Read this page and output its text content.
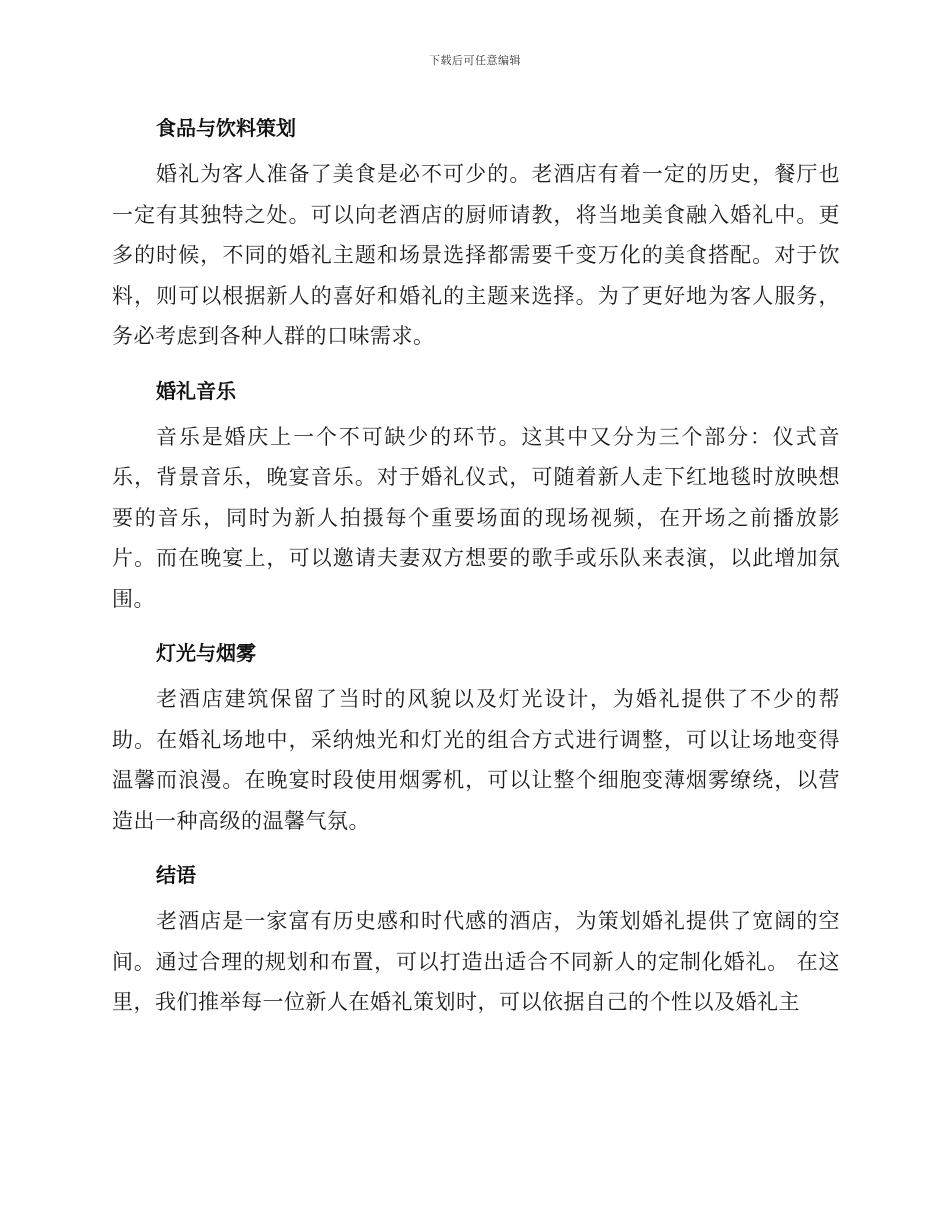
下载后可任意编辑
食品与饮料策划

婚礼为客人准备了美食是必不可少的。老酒店有着一定的历史，餐厅也一定有其独特之处。可以向老酒店的厨师请教，将当地美食融入婚礼中。更多的时候，不同的婚礼主题和场景选择都需要千变万化的美食搭配。对于饮料，则可以根据新人的喜好和婚礼的主题来选择。为了更好地为客人服务，务必考虑到各种人群的口味需求。

婚礼音乐

音乐是婚庆上一个不可缺少的环节。这其中又分为三个部分：仪式音乐，背景音乐，晚宴音乐。对于婚礼仪式，可随着新人走下红地毯时放映想要的音乐，同时为新人拍摄每个重要场面的现场视频，在开场之前播放影片。而在晚宴上，可以邀请夫妻双方想要的歌手或乐队来表演，以此增加氛围。

灯光与烟雾

老酒店建筑保留了当时的风貌以及灯光设计，为婚礼提供了不少的帮助。在婚礼场地中，采纳烛光和灯光的组合方式进行调整，可以让场地变得温馨而浪漫。在晚宴时段使用烟雾机，可以让整个细胞变薄烟雾缭绕，以营造出一种高级的温馨气氛。

结语

老酒店是一家富有历史感和时代感的酒店，为策划婚礼提供了宽阔的空间。通过合理的规划和布置，可以打造出适合不同新人的定制化婚礼。 在这里，我们推举每一位新人在婚礼策划时，可以依据自己的个性以及婚礼主
